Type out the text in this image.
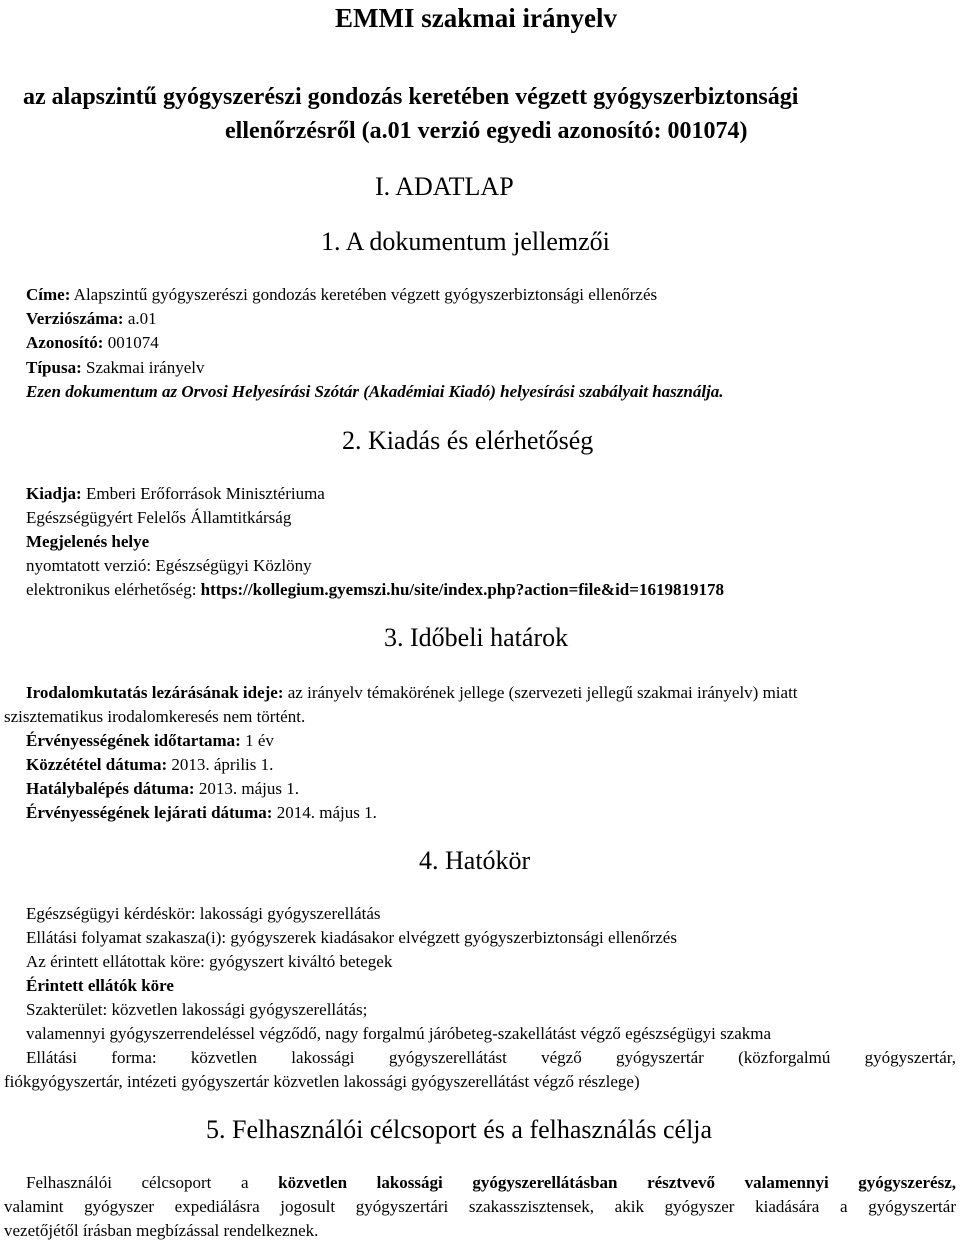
EMMI szakmai irányelv
az alapszintű gyógyszerészi gondozás keretében végzett gyógyszerbiztonsági
ellenőrzésről (a.01 verzió egyedi azonosító: 001074)
I. ADATLAP
1. A dokumentum jellemzői
Címe: Alapszintű gyógyszerészi gondozás keretében végzett gyógyszerbiztonsági ellenőrzés
Verziószáma: a.01
Azonosító: 001074
Típusa: Szakmai irányelv
Ezen dokumentum az Orvosi Helyesírási Szótár (Akadémiai Kiadó) helyesírási szabályait használja.
2. Kiadás és elérhetőség
Kiadja: Emberi Erőforrások Minisztériuma
Egészségügyért Felelős Államtitkárság
Megjelenés helye
nyomtatott verzió: Egészségügyi Közlöny
elektronikus elérhetőség: https://kollegium.gyemszi.hu/site/index.php?action=file&id=1619819178
3. Időbeli határok
Irodalomkutatás lezárásának ideje: az irányelv témakörének jellege (szervezeti jellegű szakmai irányelv) miatt
szisztematikus irodalomkeresés nem történt.
Érvényességének időtartama: 1 év
Közzététel dátuma: 2013. április 1.
Hatálybalépés dátuma: 2013. május 1.
Érvényességének lejárati dátuma: 2014. május 1.
4. Hatókör
Egészségügyi kérdéskör: lakossági gyógyszerellátás
Ellátási folyamat szakasza(i): gyógyszerek kiadásakor elvégzett gyógyszerbiztonsági ellenőrzés
Az érintett ellátottak köre: gyógyszert kiváltó betegek
Érintett ellátók köre
Szakterület: közvetlen lakossági gyógyszerellátás;
valamennyi gyógyszerrendeléssel végződő, nagy forgalmú járóbeteg-szakellátást végző egészségügyi szakma
Ellátási forma: közvetlen lakossági gyógyszerellátást végző gyógyszertár (közforgalmú gyógyszertár,
fiókgyógyszertár, intézeti gyógyszertár közvetlen lakossági gyógyszerellátást végző részlege)
5. Felhasználói célcsoport és a felhasználás célja
Felhasználói célcsoport a közvetlen lakossági gyógyszerellátásban résztvevő valamennyi gyógyszerész,
valamint gyógyszer expediálásra jogosult gyógyszertári szakasszisztensek, akik gyógyszer kiadására a gyógyszertár
vezetőjétől írásban megbízással rendelkeznek.
